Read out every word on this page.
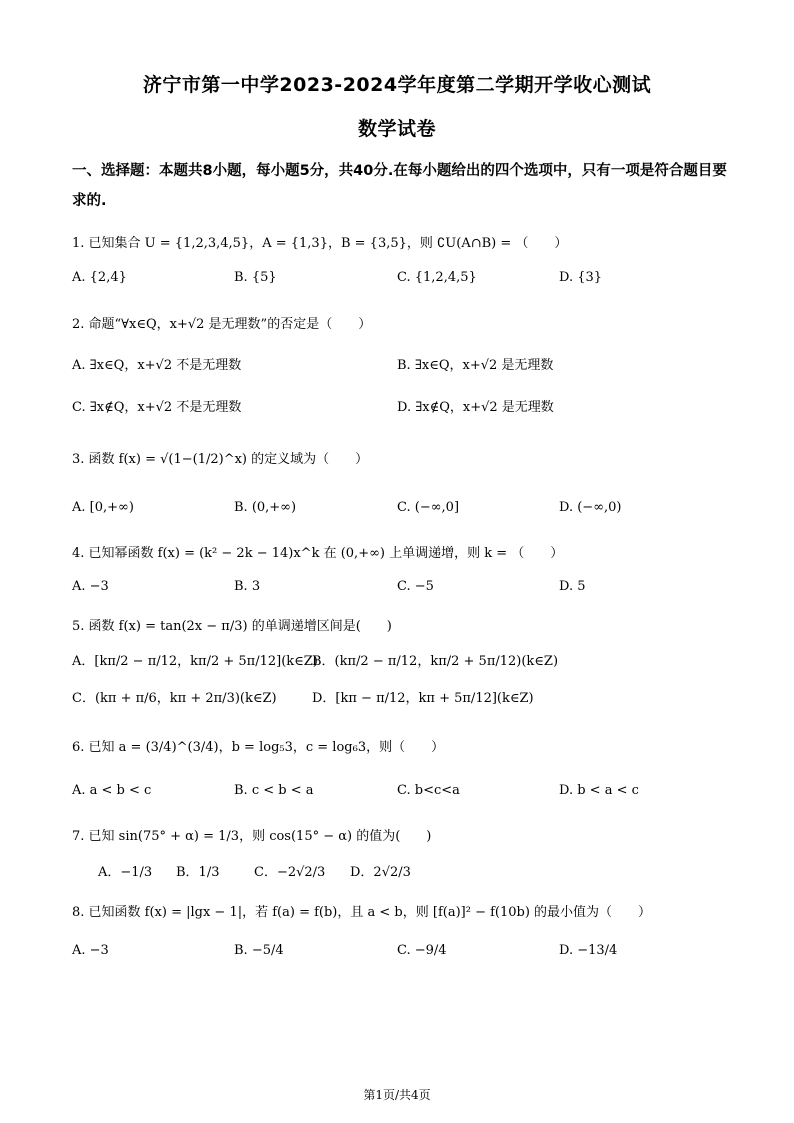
济宁市第一中学2023-2024学年度第二学期开学收心测试
数学试卷
一、选择题：本题共8小题，每小题5分，共40分.在每小题给出的四个选项中，只有一项是符合题目要求的.
1. 已知集合 U = {1,2,3,4,5}，A = {1,3}，B = {3,5}，则 ∁U(A∩B) = （　　）
A. {2,4}	B. {5}	C. {1,2,4,5}	D. {3}
2. 命题“∀x∈Q，x+√2 是无理数”的否定是（　　）
A. ∃x∈Q，x+√2 不是无理数	B. ∃x∈Q，x+√2 是无理数
C. ∃x∉Q，x+√2 不是无理数	D. ∃x∉Q，x+√2 是无理数
3. 函数 f(x) = √(1−(1/2)^x) 的定义域为（　　）
A. [0,+∞)	B. (0,+∞)	C. (−∞,0]	D. (−∞,0)
4. 已知幂函数 f(x) = (k² − 2k − 14)x^k 在 (0,+∞) 上单调递增，则 k = （　　）
A. −3	B. 3	C. −5	D. 5
5. 函数 f(x) = tan(2x − π/3) 的单调递增区间是(　　)
A．[kπ/2 − π/12，kπ/2 + 5π/12](k∈Z)
B．(kπ/2 − π/12，kπ/2 + 5π/12)(k∈Z)
C．(kπ + π/6，kπ + 2π/3)(k∈Z)	D．[kπ − π/12，kπ + 5π/12](k∈Z)
6. 已知 a = (3/4)^(3/4)，b = log₅3，c = log₆3，则（　　）
A. a < b < c	B. c < b < a	C. b<c<a	D. b < a < c
7. 已知 sin(75° + α) = 1/3，则 cos(15° − α) 的值为(　　)
A．−1/3 B．1/3	C．−2√2/3 D．2√2/3
8. 已知函数 f(x) = |lgx − 1|，若 f(a) = f(b)，且 a < b，则 [f(a)]² − f(10b) 的最小值为（　　）
A. −3	B. −5/4	C. −9/4	D. −13/4
第1页/共4页
